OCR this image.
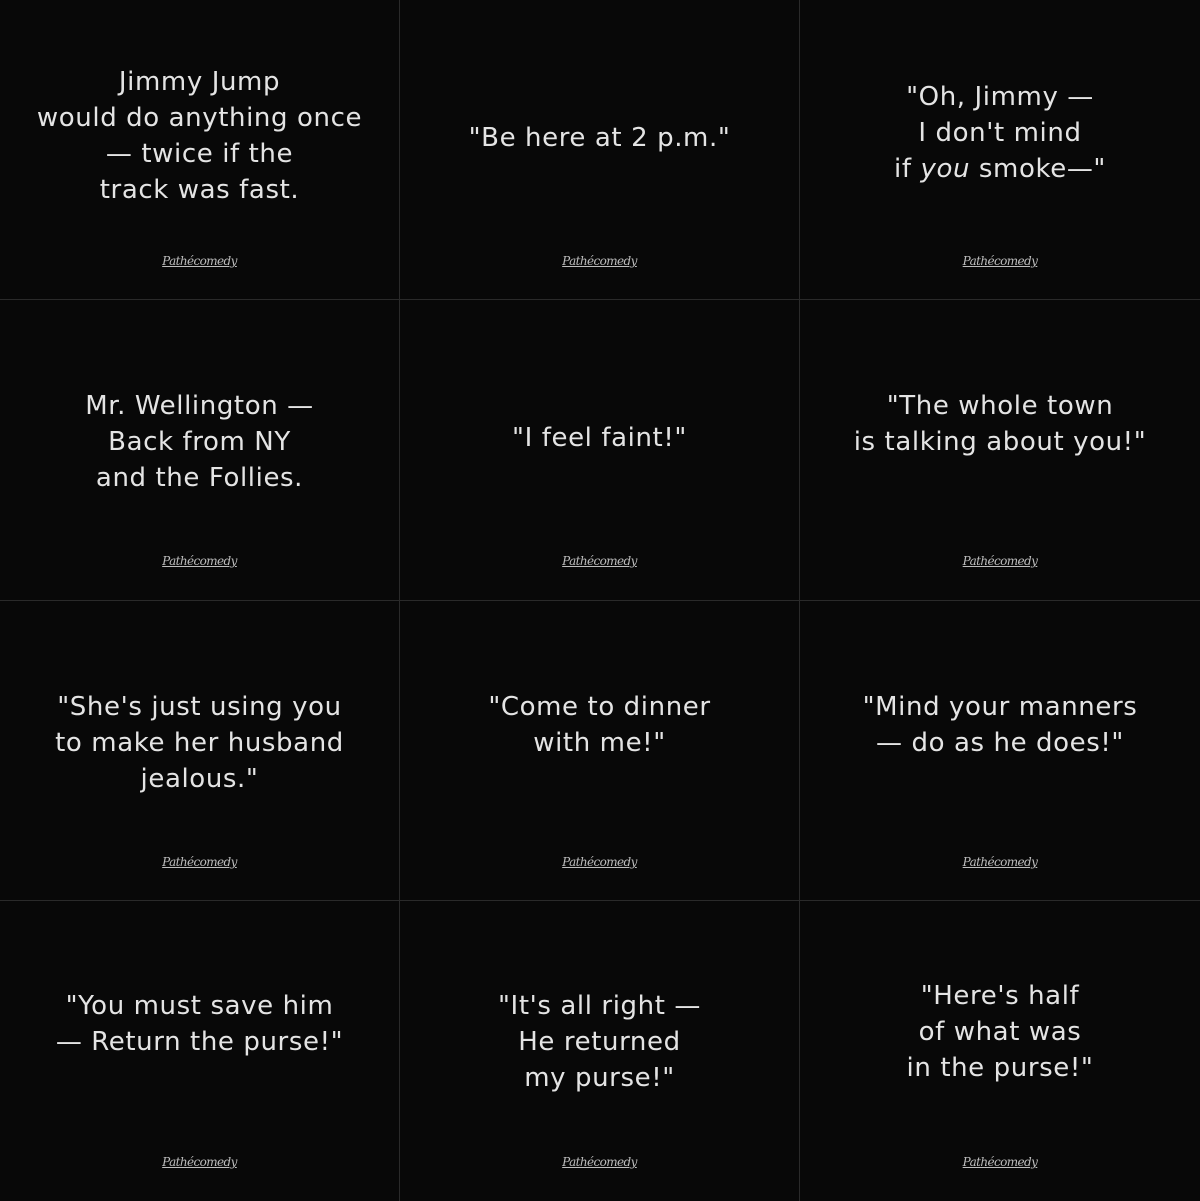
Jimmy Jump
would do anything once
— twice if the
track was fast.
Pathécomedy
"Be here at 2 p.m."
Pathécomedy
"Oh, Jimmy —
I don't mind
if you smoke—"
Pathécomedy
Mr. Wellington —
Back from NY
and the Follies.
Pathécomedy
"I feel faint!"
Pathécomedy
"The whole town
is talking about you!"
Pathécomedy
"She's just using you
to make her husband
jealous."
Pathécomedy
"Come to dinner
with me!"
Pathécomedy
"Mind your manners
— do as he does!"
Pathécomedy
"You must save him
— Return the purse!"
Pathécomedy
"It's all right —
He returned
my purse!"
Pathécomedy
"Here's half
of what was
in the purse!"
Pathécomedy
